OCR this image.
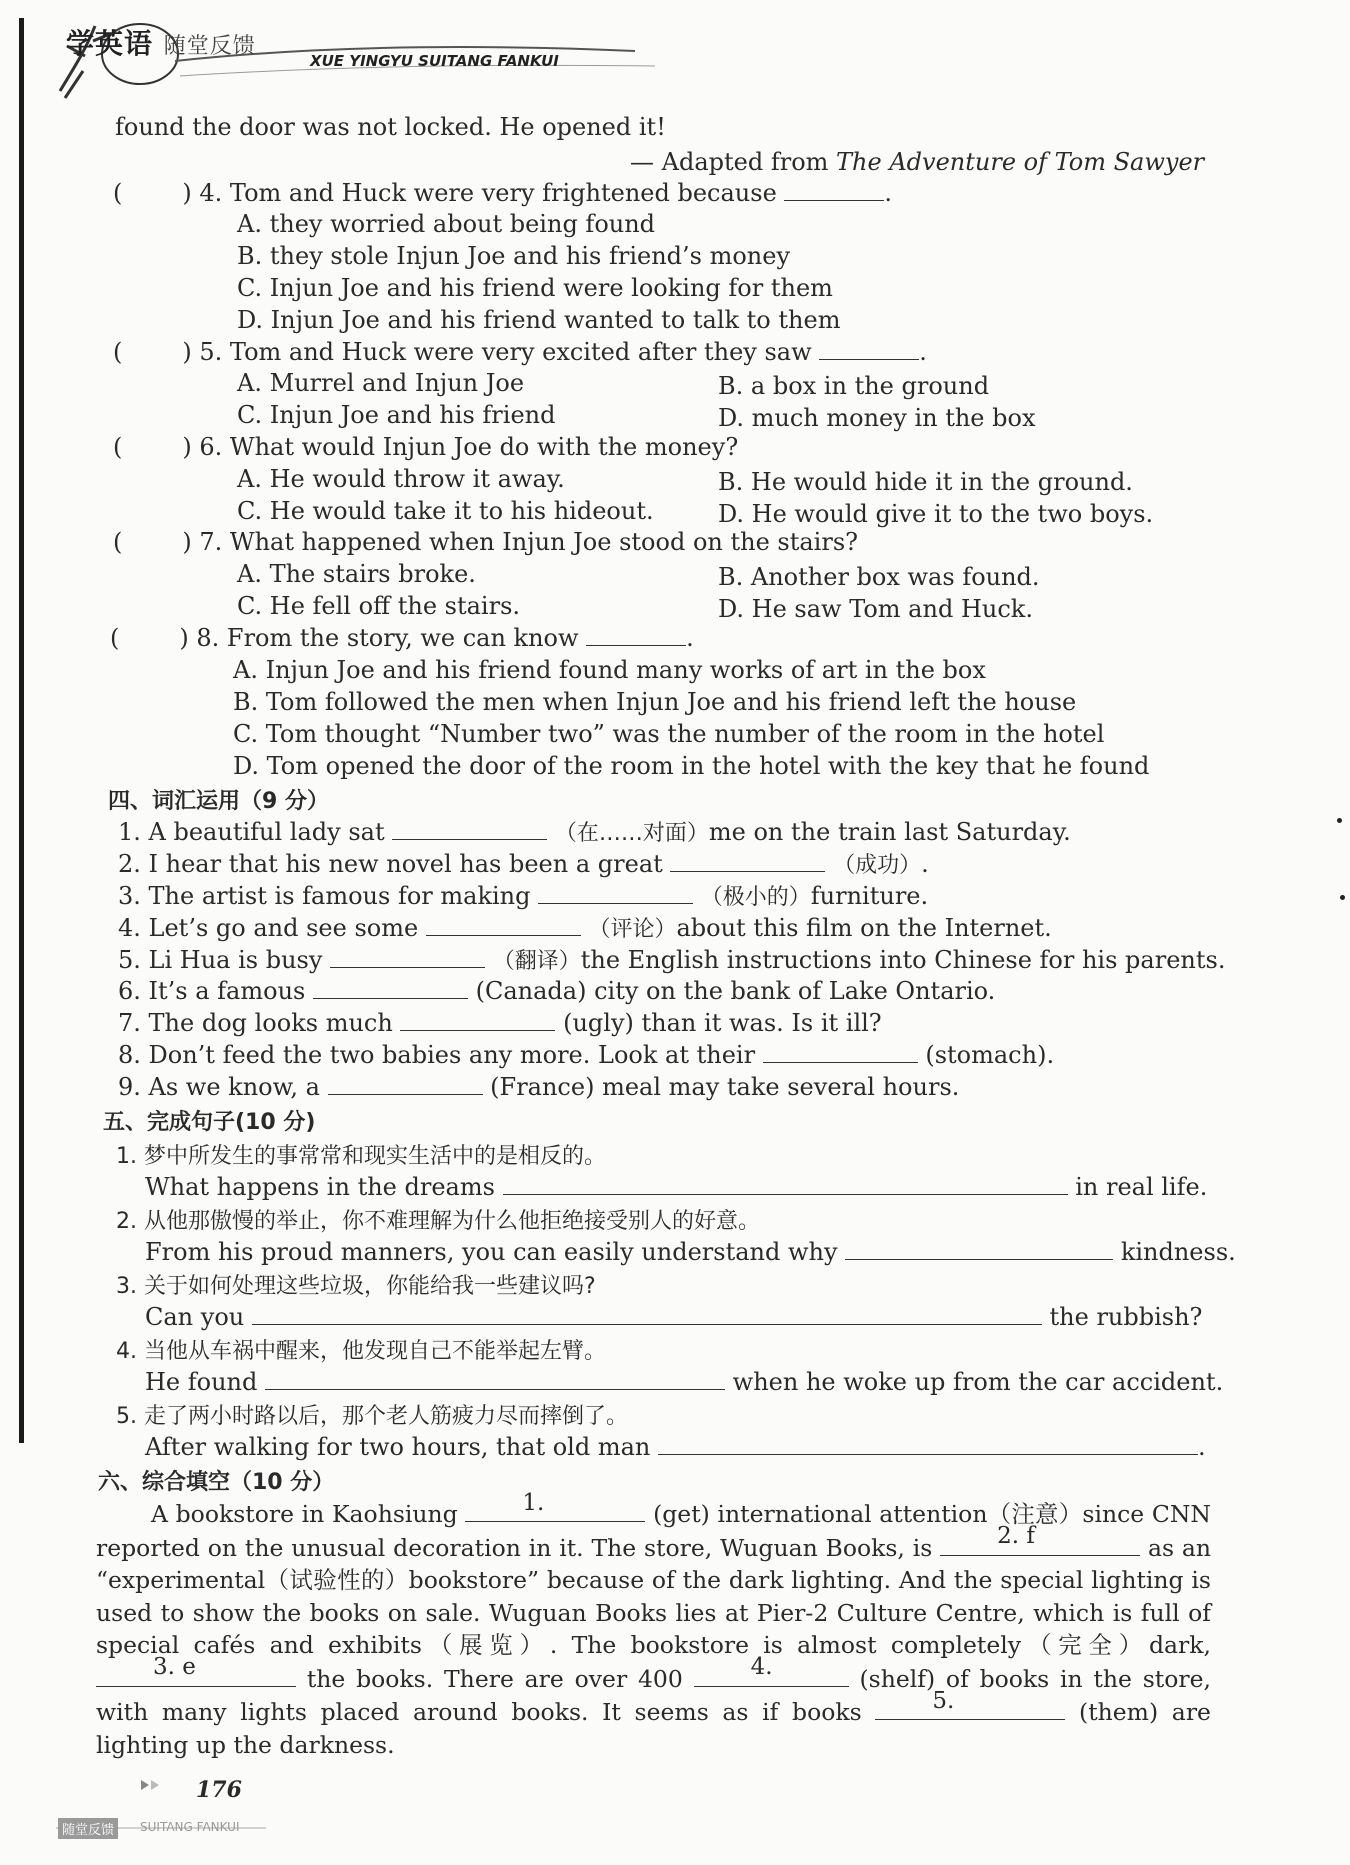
学英语 随堂反馈
XUE YINGYU SUITANG FANKUI
found the door was not locked. He opened it!
— Adapted from The Adventure of Tom Sawyer
(	) 4. Tom and Huck were very frightened because	.
A. they worried about being found
B. they stole Injun Joe and his friend’s money
C. Injun Joe and his friend were looking for them
D. Injun Joe and his friend wanted to talk to them
(	) 5. Tom and Huck were very excited after they saw	.
A. Murrel and Injun Joe	B. a box in the ground
C. Injun Joe and his friend	D. much money in the box
(	) 6. What would Injun Joe do with the money?
A. He would throw it away.	B. He would hide it in the ground.
C. He would take it to his hideout.	D. He would give it to the two boys.
(	) 7. What happened when Injun Joe stood on the stairs?
A. The stairs broke.	B. Another box was found.
C. He fell off the stairs.	D. He saw Tom and Huck.
(	) 8. From the story, we can know	.
A. Injun Joe and his friend found many works of art in the box
B. Tom followed the men when Injun Joe and his friend left the house
C. Tom thought “Number two” was the number of the room in the hotel
D. Tom opened the door of the room in the hotel with the key that he found
四、词汇运用（9 分）
1. A beautiful lady sat	（在……对面）me on the train last Saturday.
2. I hear that his new novel has been a great	（成功）.
3. The artist is famous for making	（极小的）furniture.
4. Let’s go and see some	（评论）about this film on the Internet.
5. Li Hua is busy	（翻译）the English instructions into Chinese for his parents.
6. It’s a famous	(Canada) city on the bank of Lake Ontario.
7. The dog looks much	(ugly) than it was. Is it ill?
8. Don’t feed the two babies any more. Look at their	(stomach).
9. As we know, a	(France) meal may take several hours.
五、完成句子(10 分)
1. 梦中所发生的事常常和现实生活中的是相反的。
What happens in the dreams	in real life.
2. 从他那傲慢的举止，你不难理解为什么他拒绝接受别人的好意。
From his proud manners, you can easily understand why	kindness.
3. 关于如何处理这些垃圾，你能给我一些建议吗?
Can you	the rubbish?
4. 当他从车祸中醒来，他发现自己不能举起左臂。
He found	when he woke up from the car accident.
5. 走了两小时路以后，那个老人筋疲力尽而摔倒了。
After walking for two hours, that old man	.
六、综合填空（10 分）
A bookstore in Kaohsiung	1.	(get) international attention（注意）since CNN reported on the unusual decoration in it. The store, Wuguan Books, is	2. f	as an “experimental（试验性的）bookstore” because of the dark lighting. And the special lighting is used to show the books on sale. Wuguan Books lies at Pier-2 Culture Centre, which is full of special cafés and exhibits（展览）. The bookstore is almost completely（完全）dark,
3. e	the books. There are over 400	4.	(shelf) of books in the store, with many lights placed around books. It seems as if books	5.	(them) are lighting up the darkness.
176
随堂反馈	SUITANG FANKUI
